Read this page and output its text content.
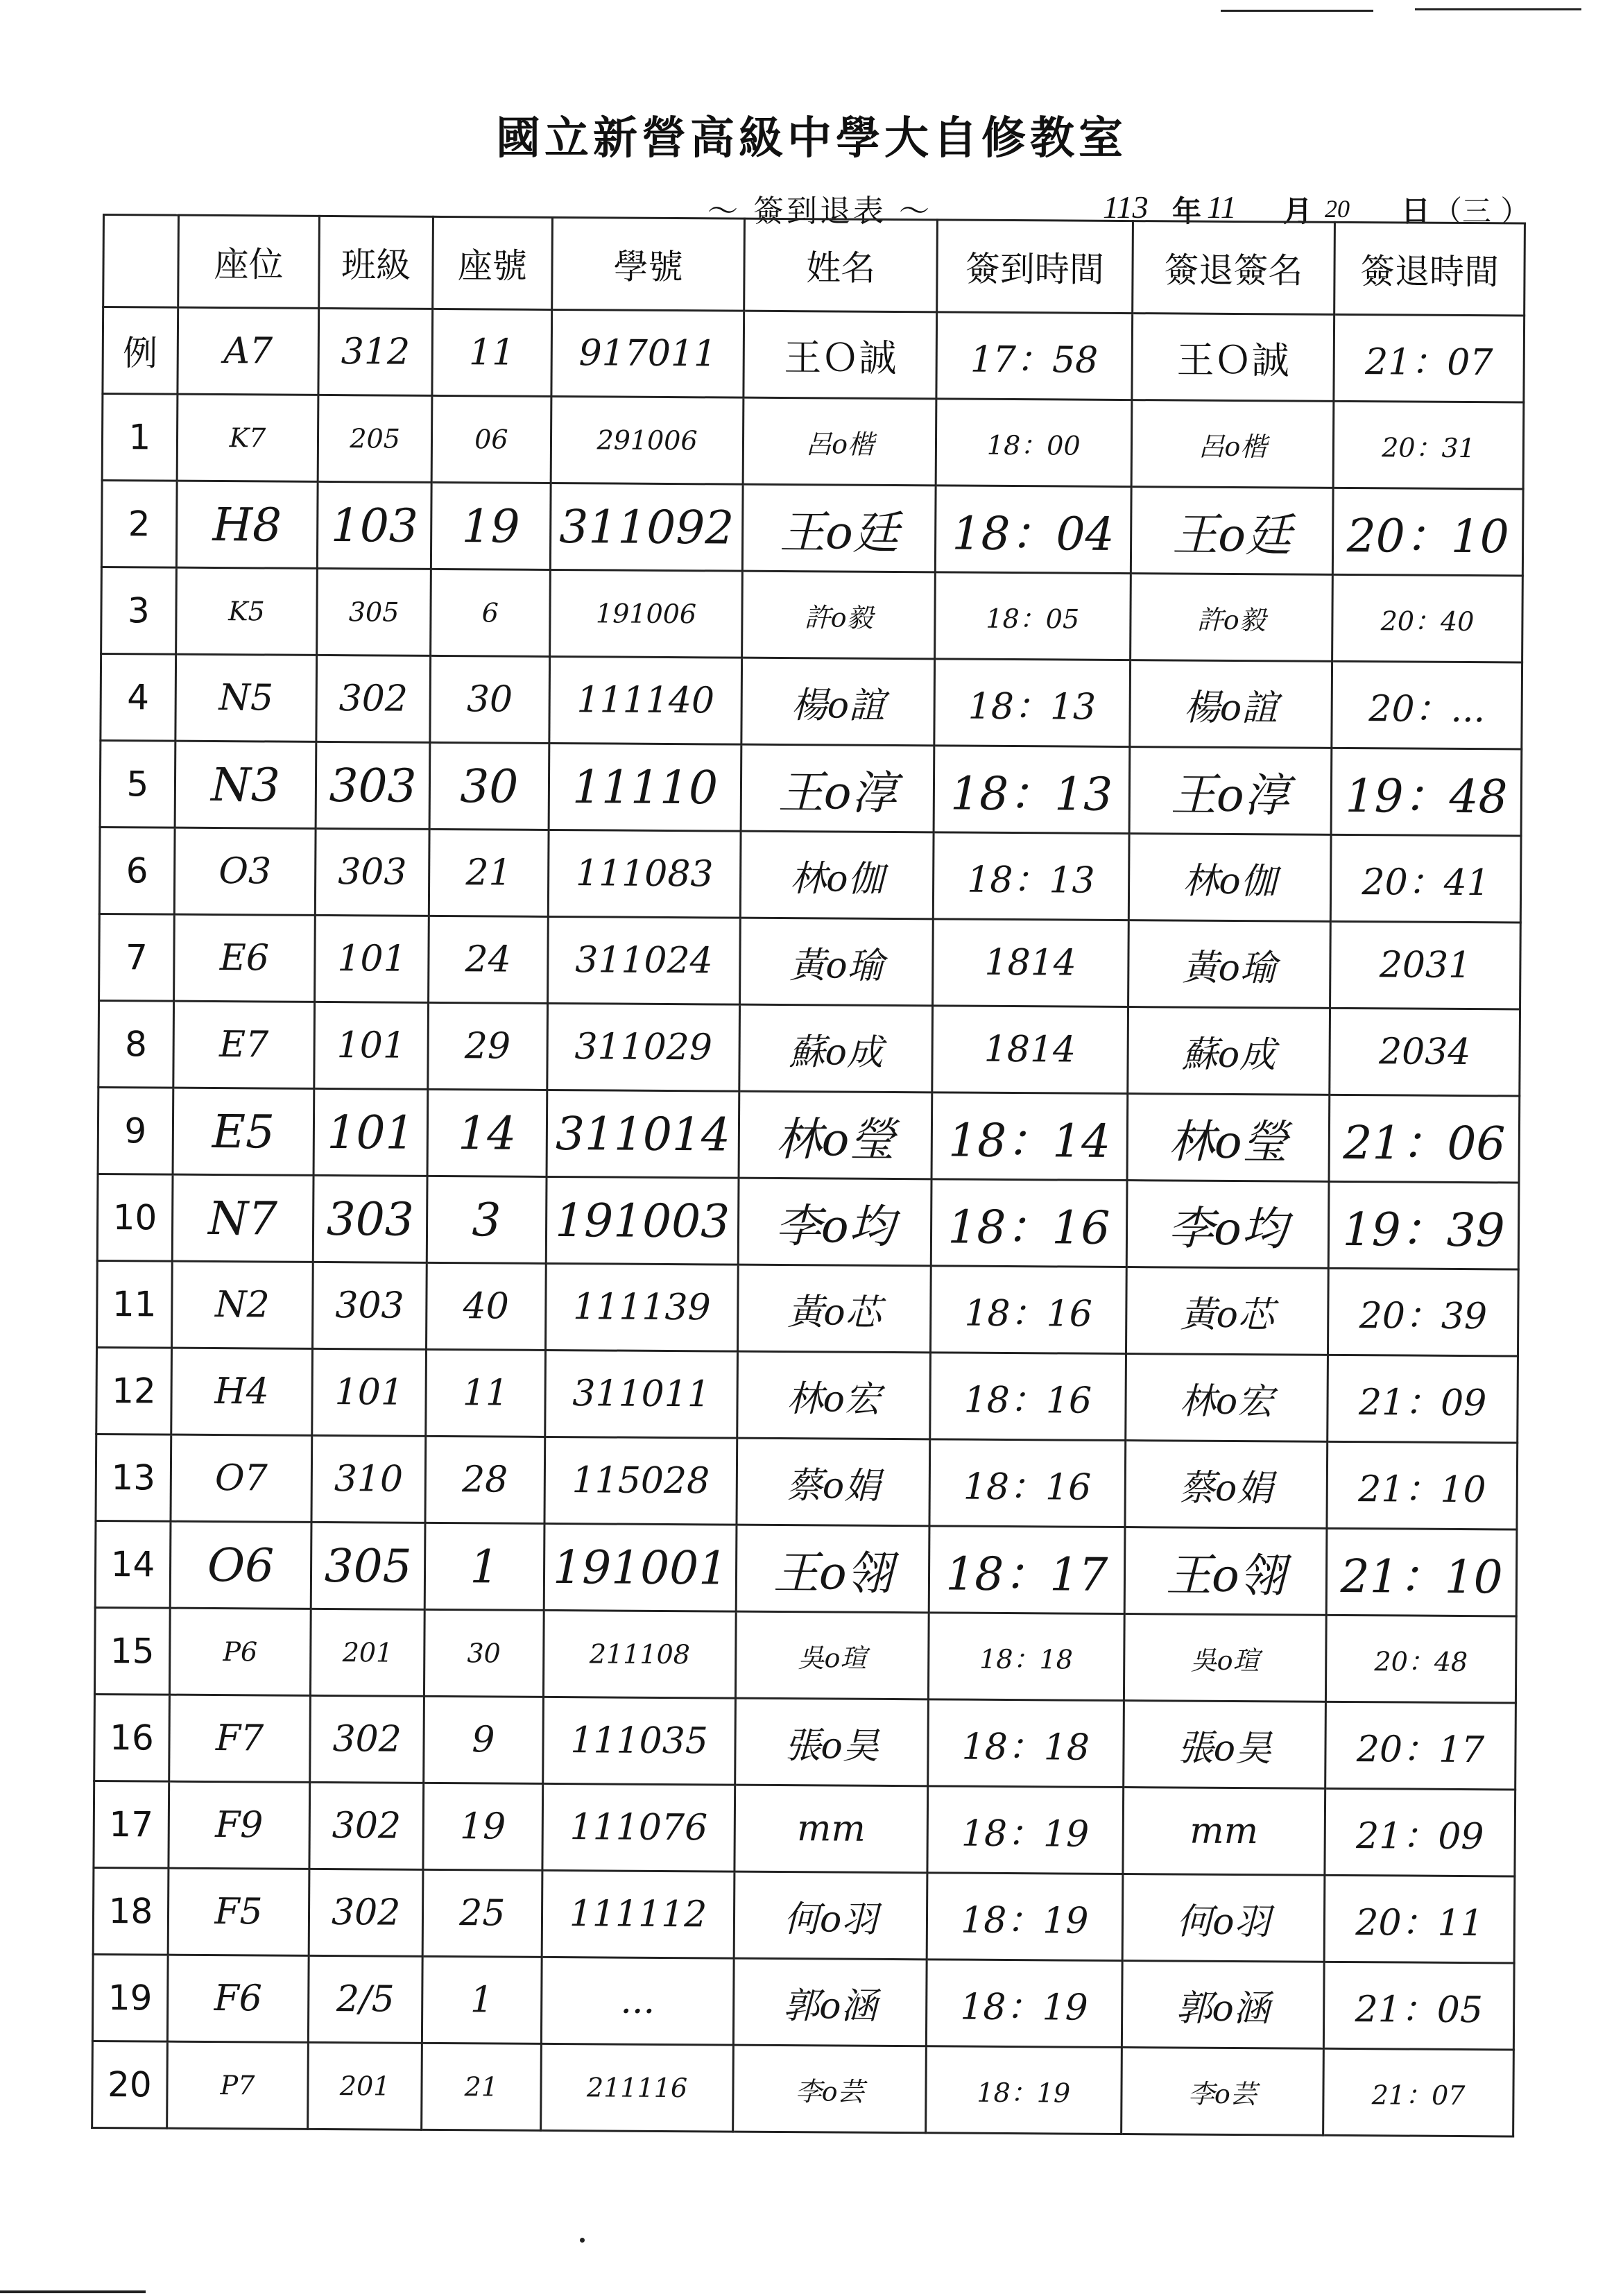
國立新營高級中學大自修教室
～ 簽到退表 ～	113 年 11 月 20 日 （三 ）
	座位	班級	座號	學號	姓名	簽到時間	簽退簽名	簽退時間
例	A7	312	11	917011	王Ｏ誠	17：58	王Ｏ誠	21：07
1	K7	205	06	291006	呂o楷	18：00	呂o楷	20：31
2	H8	103	19	311092	王o廷	18：04	王o廷	20：10
3	K5	305	6	191006	許o毅	18：05	許o毅	20：40
4	N5	302	30	111140	楊o誼	18：13	楊o誼	20：...
5	N3	303	30	11110	王o淳	18：13	王o淳	19：48
6	O3	303	21	111083	林o伽	18：13	林o伽	20：41
7	E6	101	24	311024	黃o瑜	1814	黃o瑜	2031
8	E7	101	29	311029	蘇o成	1814	蘇o成	2034
9	E5	101	14	311014	林o瑩	18：14	林o瑩	21：06
10	N7	303	3	191003	李o均	18：16	李o均	19：39
11	N2	303	40	111139	黃o芯	18：16	黃o芯	20：39
12	H4	101	11	311011	林o宏	18：16	林o宏	21：09
13	O7	310	28	115028	蔡o娟	18：16	蔡o娟	21：10
14	O6	305	1	191001	王o翎	18：17	王o翎	21：10
15	P6	201	30	211108	吳o瑄	18：18	吳o瑄	20：48
16	F7	302	9	111035	張o昊	18：18	張o昊	20：17
17	F9	302	19	111076	mm	18：19	mm	21：09
18	F5	302	25	111112	何o羽	18：19	何o羽	20：11
19	F6	2/5	1	...	郭o涵	18：19	郭o涵	21：05
20	P7	201	21	211116	李o芸	18：19	李o芸	21：07
